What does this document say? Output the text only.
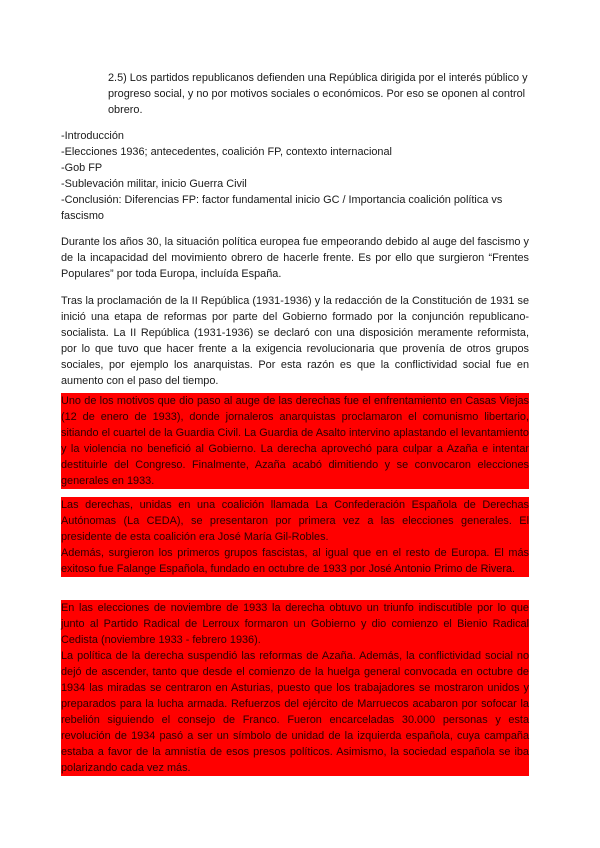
2.5) Los partidos republicanos defienden una República dirigida por el interés público y progreso social, y no por motivos sociales o económicos. Por eso se oponen al control obrero.

-Introducción

-Elecciones 1936; antecedentes, coalición FP, contexto internacional

-Gob FP

-Sublevación militar, inicio Guerra Civil

-Conclusión: Diferencias FP: factor fundamental inicio GC / Importancia coalición política vs fascismo

Durante los años 30, la situación política europea fue empeorando debido al auge del fascismo y de la incapacidad del movimiento obrero de hacerle frente. Es por ello que surgieron “Frentes Populares” por toda Europa, incluída España.
Tras la proclamación de la II República (1931-1936) y la redacción de la Constitución de 1931 se inició una etapa de reformas por parte del Gobierno formado por la conjunción republicano-socialista. La II República (1931-1936) se declaró con una disposición meramente reformista, por lo que tuvo que hacer frente a la exigencia revolucionaria que provenía de otros grupos sociales, por ejemplo los anarquistas. Por esta razón es que la conflictividad social fue en aumento con el paso del tiempo.
Uno de los motivos que dio paso al auge de las derechas fue el enfrentamiento en Casas Viejas (12 de enero de 1933), donde jornaleros anarquistas proclamaron el comunismo libertario, sitiando el cuartel de la Guardia Civil. La Guardia de Asalto intervino aplastando el levantamiento y la violencia no benefició al Gobierno. La derecha aprovechó para culpar a Azaña e intentar destituirle del Congreso. Finalmente, Azaña acabó dimitiendo y se convocaron elecciones generales en 1933.

Las derechas, unidas en una coalición llamada La Confederación Española de Derechas Autónomas (La CEDA), se presentaron por primera vez a las elecciones generales. El presidente de esta coalición era José María Gil-Robles.

Además, surgieron los primeros grupos fascistas, al igual que en el resto de Europa. El más exitoso fue Falange Española, fundado en octubre de 1933 por José Antonio Primo de Rivera.

En las elecciones de noviembre de 1933 la derecha obtuvo un triunfo indiscutible por lo que junto al Partido Radical de Lerroux formaron un Gobierno y dio comienzo el Bienio Radical Cedista (noviembre 1933 - febrero 1936).

La política de la derecha suspendió las reformas de Azaña. Además, la conflictividad social no dejó de ascender, tanto que desde el comienzo de la huelga general convocada en octubre de 1934 las miradas se centraron en Asturias, puesto que los trabajadores se mostraron unidos y preparados para la lucha armada. Refuerzos del ejército de Marruecos acabaron por sofocar la rebelión siguiendo el consejo de Franco. Fueron encarceladas 30.000 personas y esta revolución de 1934 pasó a ser un símbolo de unidad de la izquierda española, cuya campaña estaba a favor de la amnistía de esos presos políticos. Asimismo, la sociedad española se iba polarizando cada vez más.
